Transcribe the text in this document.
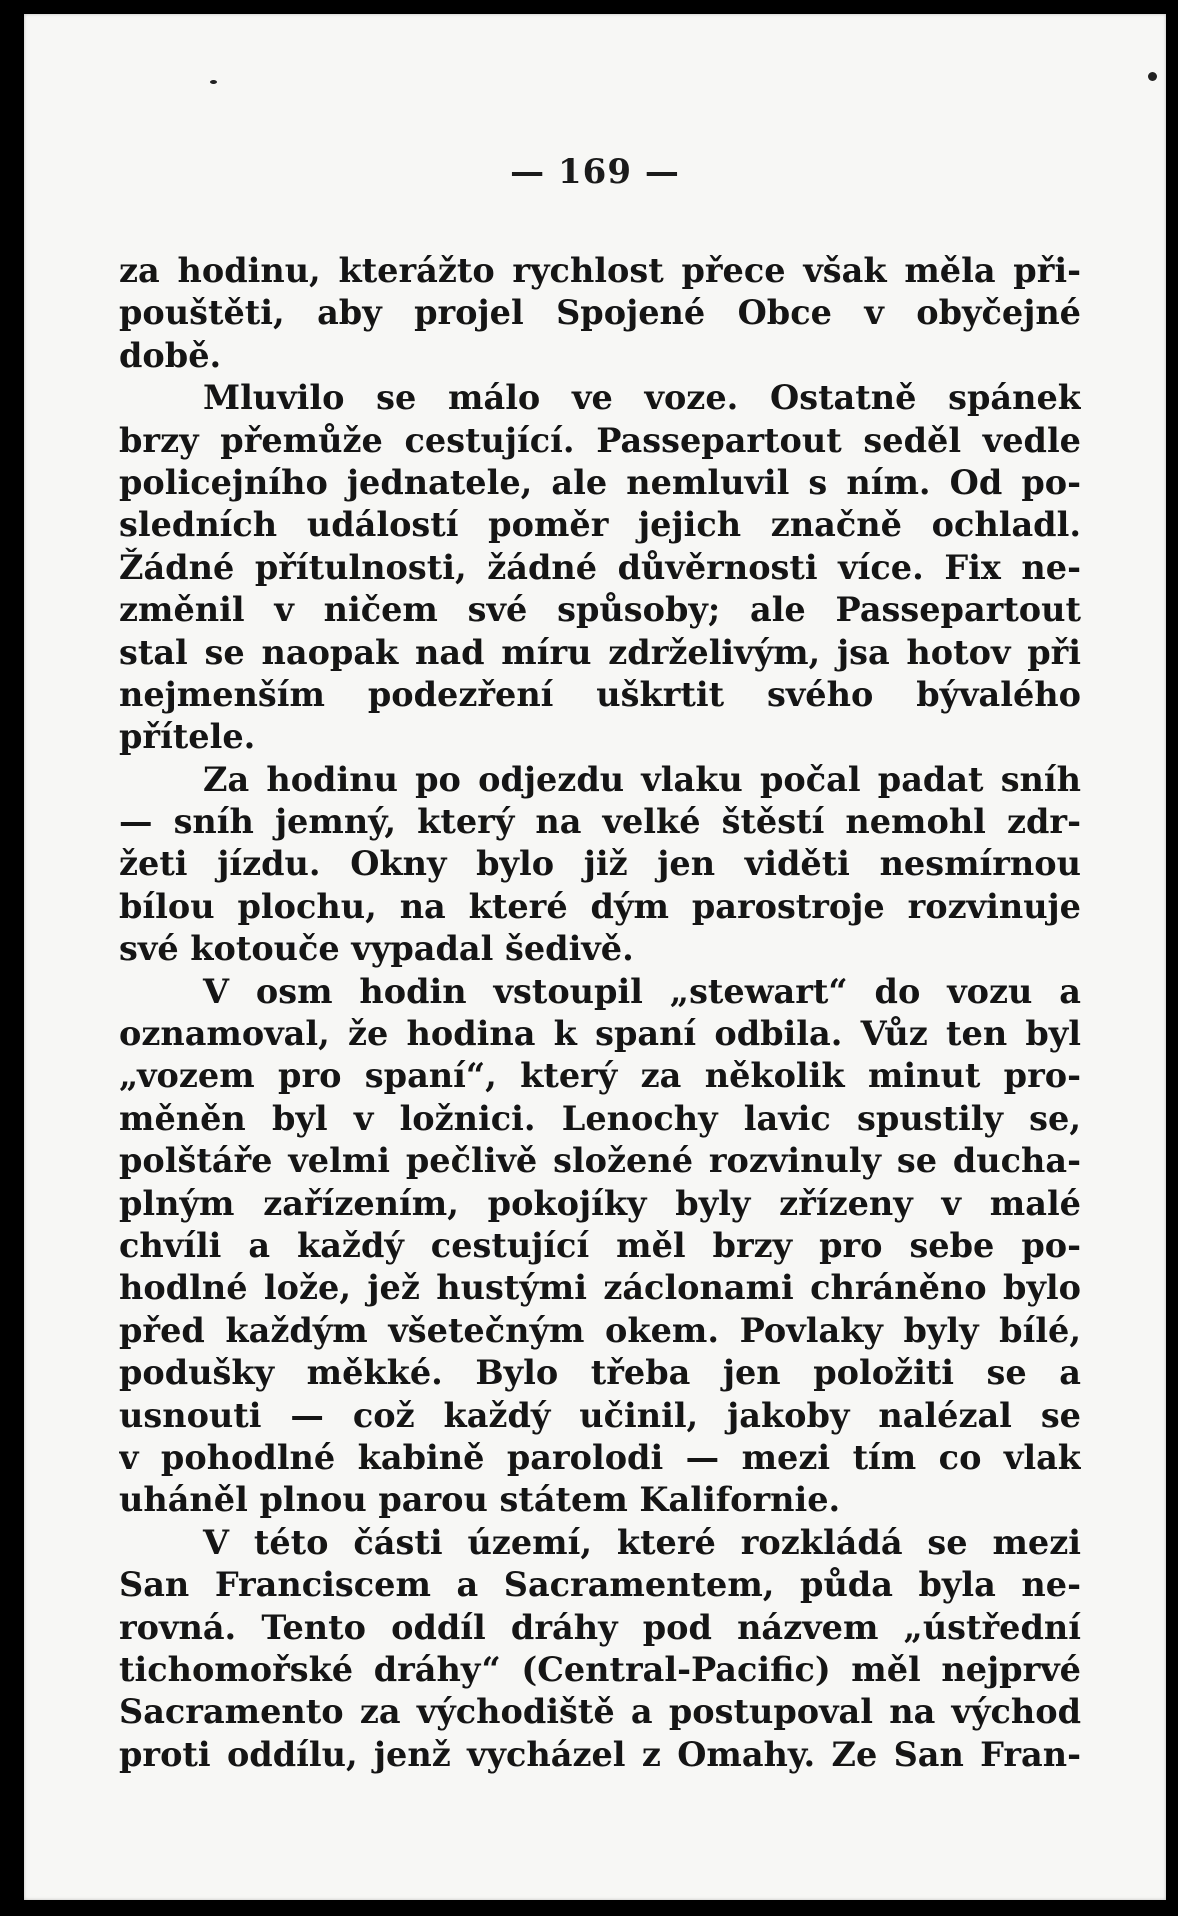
— 169 —
za hodinu, kterážto rychlost přece však měla při-
pouštěti, aby projel Spojené Obce v obyčejné
době.
Mluvilo se málo ve voze. Ostatně spánek
brzy přemůže cestující. Passepartout seděl vedle
policejního jednatele, ale nemluvil s ním. Od po-
sledních událostí poměr jejich značně ochladl.
Žádné přítulnosti, žádné důvěrnosti více. Fix ne-
změnil v ničem své spůsoby; ale Passepartout
stal se naopak nad míru zdrželivým, jsa hotov při
nejmenším podezření uškrtit svého bývalého
přítele.
Za hodinu po odjezdu vlaku počal padat sníh
— sníh jemný, který na velké štěstí nemohl zdr-
žeti jízdu. Okny bylo již jen viděti nesmírnou
bílou plochu, na které dým parostroje rozvinuje
své kotouče vypadal šedivě.
V osm hodin vstoupil „stewart“ do vozu a
oznamoval, že hodina k spaní odbila. Vůz ten byl
„vozem pro spaní“, který za několik minut pro-
měněn byl v ložnici. Lenochy lavic spustily se,
polštáře velmi pečlivě složené rozvinuly se ducha-
plným zařízením, pokojíky byly zřízeny v malé
chvíli a každý cestující měl brzy pro sebe po-
hodlné lože, jež hustými záclonami chráněno bylo
před každým všetečným okem. Povlaky byly bílé,
podušky měkké. Bylo třeba jen položiti se a
usnouti — což každý učinil, jakoby nalézal se
v pohodlné kabině parolodi — mezi tím co vlak
uháněl plnou parou státem Kalifornie.
V této části území, které rozkládá se mezi
San Franciscem a Sacramentem, půda byla ne-
rovná. Tento oddíl dráhy pod názvem „ústřední
tichomořské dráhy“ (Central-Pacific) měl nejprvé
Sacramento za východiště a postupoval na východ
proti oddílu, jenž vycházel z Omahy. Ze San Fran-
